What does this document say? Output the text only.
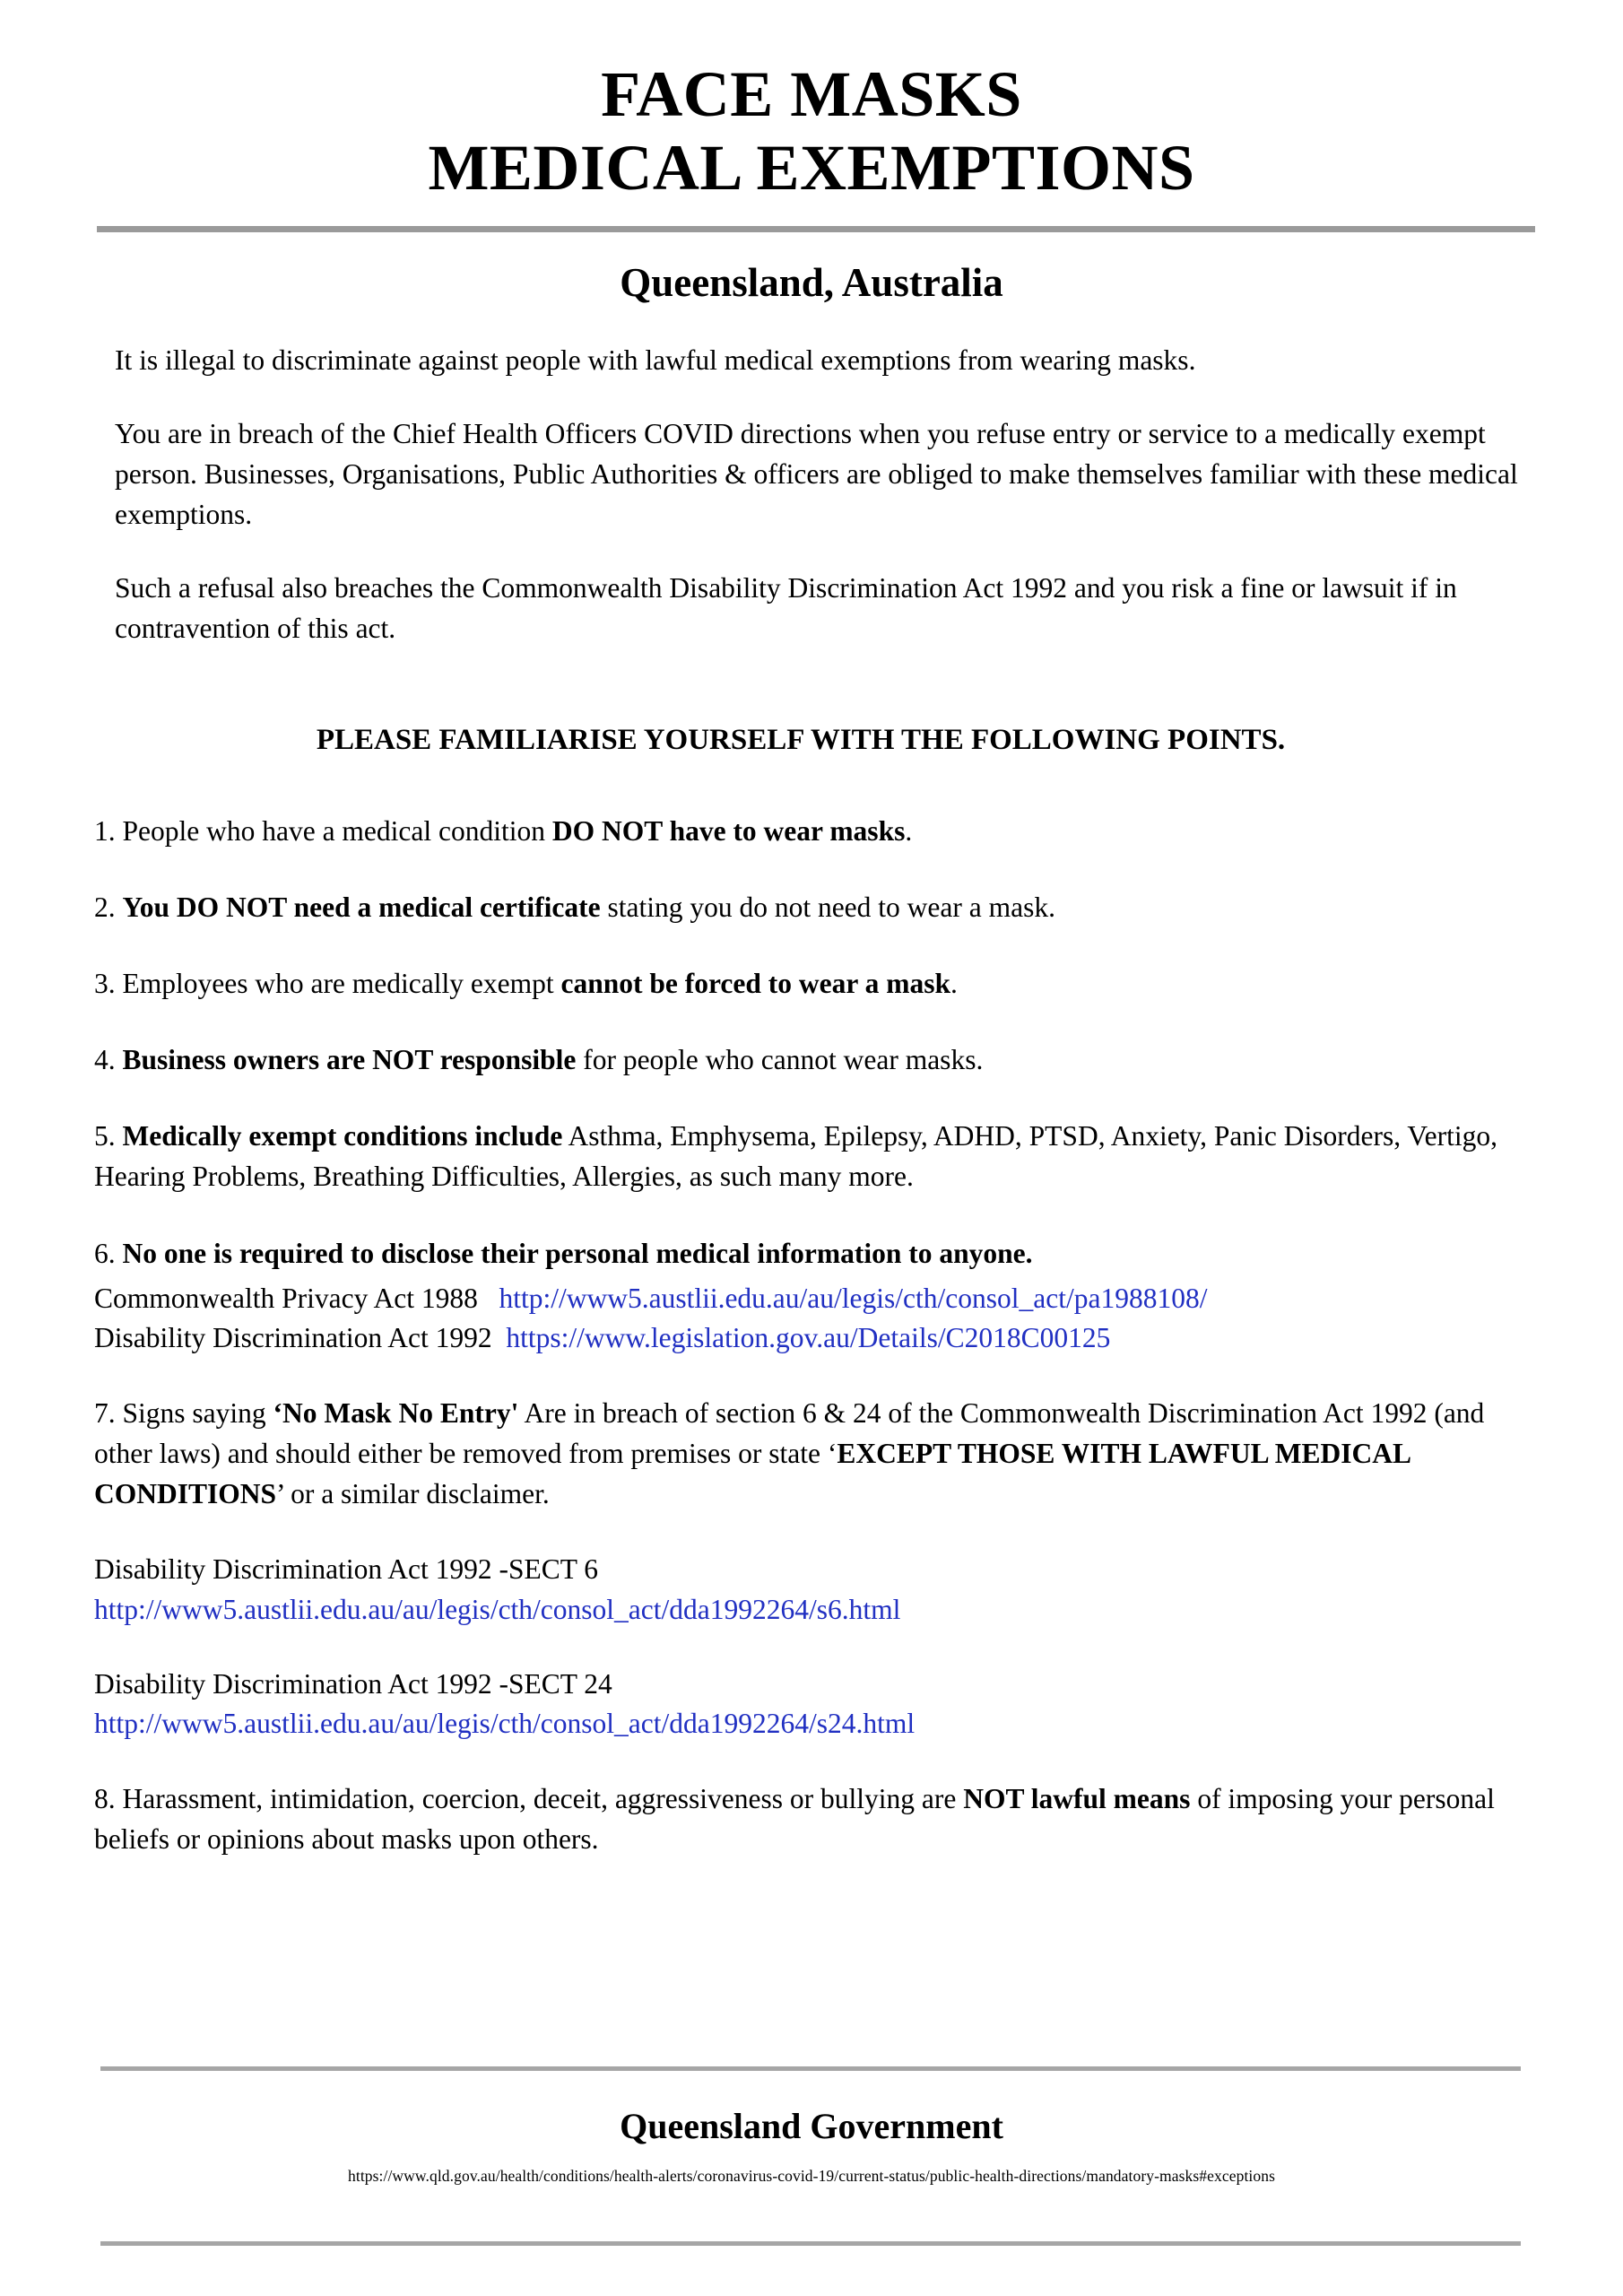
FACE MASKS
MEDICAL EXEMPTIONS
Queensland, Australia

It is illegal to discriminate against people with lawful medical exemptions from wearing masks.

You are in breach of the Chief Health Officers COVID directions when you refuse entry or service to a medically exempt person. Businesses, Organisations, Public Authorities & officers are obliged to make themselves familiar with these medical exemptions.

Such a refusal also breaches the Commonwealth Disability Discrimination Act 1992 and you risk a fine or lawsuit if in contravention of this act.

PLEASE FAMILIARISE YOURSELF WITH THE FOLLOWING POINTS.

1. People who have a medical condition DO NOT have to wear masks.

2. You DO NOT need a medical certificate stating you do not need to wear a mask.

3. Employees who are medically exempt cannot be forced to wear a mask.

4. Business owners are NOT responsible for people who cannot wear masks.

5. Medically exempt conditions include Asthma, Emphysema, Epilepsy, ADHD, PTSD, Anxiety, Panic Disorders, Vertigo, Hearing Problems, Breathing Difficulties, Allergies, as such many more.

6. No one is required to disclose their personal medical information to anyone.

Commonwealth Privacy Act 1988 http://www5.austlii.edu.au/au/legis/cth/consol_act/pa1988108/

Disability Discrimination Act 1992 https://www.legislation.gov.au/Details/C2018C00125

7. Signs saying ‘No Mask No Entry' Are in breach of section 6 & 24 of the Commonwealth Discrimination Act 1992 (and other laws) and should either be removed from premises or state ‘EXCEPT THOSE WITH LAWFUL MEDICAL CONDITIONS’ or a similar disclaimer.

Disability Discrimination Act 1992 -SECT 6

http://www5.austlii.edu.au/au/legis/cth/consol_act/dda1992264/s6.html

Disability Discrimination Act 1992 -SECT 24

http://www5.austlii.edu.au/au/legis/cth/consol_act/dda1992264/s24.html

8. Harassment, intimidation, coercion, deceit, aggressiveness or bullying are NOT lawful means of imposing your personal beliefs or opinions about masks upon others.

Queensland Government
https://www.qld.gov.au/health/conditions/health-alerts/coronavirus-covid-19/current-status/public-health-directions/mandatory-masks#exceptions
